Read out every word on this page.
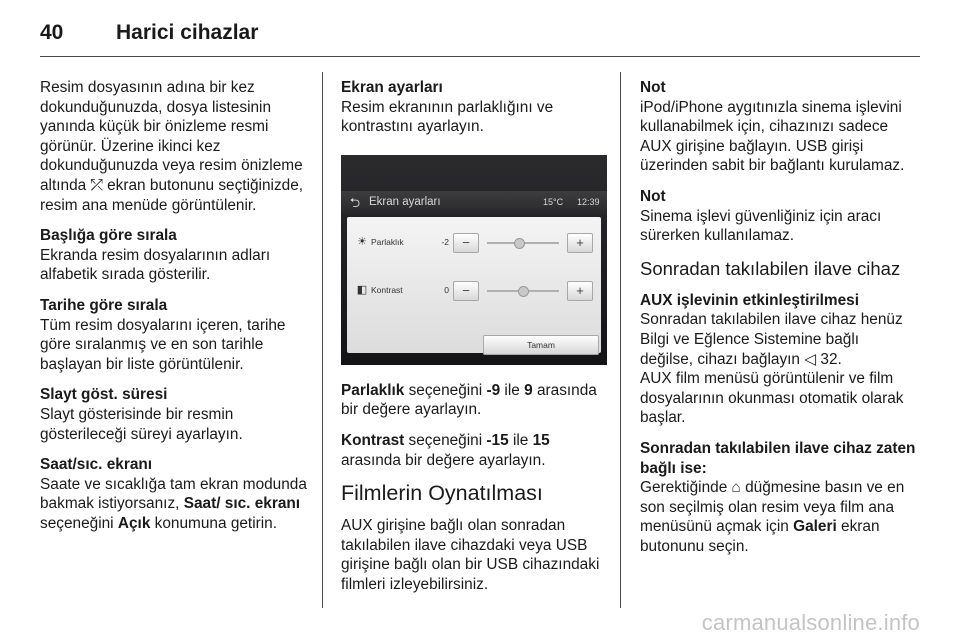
40	Harici cihazlar

Resim dosyasının adına bir kez dokunduğunuzda, dosya listesinin yanında küçük bir önizleme resmi görünür. Üzerine ikinci kez dokunduğunuzda veya resim önizleme altında ⤱ ekran butonunu seçtiğinizde, resim ana menüde görüntülenir.

Başlığa göre sırala
Ekranda resim dosyalarının adları alfabetik sırada gösterilir.

Tarihe göre sırala
Tüm resim dosyalarını içeren, tarihe göre sıralanmış ve en son tarihle başlayan bir liste görüntülenir.

Slayt göst. süresi
Slayt gösterisinde bir resmin gösterileceği süreyi ayarlayın.

Saat/sıc. ekranı
Saate ve sıcaklığa tam ekran modunda bakmak istiyorsanız, Saat/ sıc. ekranı seçeneğini Açık konumuna getirin.

Ekran ayarları
Resim ekranının parlaklığını ve kontrastını ayarlayın.

⮌ Ekran ayarları	15°C	12:39
☀ Parlaklık	-2	−	+
◧ Kontrast	0	−	+
Tamam

Parlaklık seçeneğini -9 ile 9 arasında bir değere ayarlayın.

Kontrast seçeneğini -15 ile 15 arasında bir değere ayarlayın.

Filmlerin Oynatılması

AUX girişine bağlı olan sonradan takılabilen ilave cihazdaki veya USB girişine bağlı olan bir USB cihazındaki filmleri izleyebilirsiniz.

Not
iPod/iPhone aygıtınızla sinema işlevini kullanabilmek için, cihazınızı sadece AUX girişine bağlayın. USB girişi üzerinden sabit bir bağlantı kurulamaz.

Not
Sinema işlevi güvenliğiniz için aracı sürerken kullanılamaz.

Sonradan takılabilen ilave cihaz

AUX işlevinin etkinleştirilmesi
Sonradan takılabilen ilave cihaz henüz Bilgi ve Eğlence Sistemine bağlı değilse, cihazı bağlayın ◁ 32.
AUX film menüsü görüntülenir ve film dosyalarının okunması otomatik olarak başlar.

Sonradan takılabilen ilave cihaz zaten bağlı ise:
Gerektiğinde ⌂ düğmesine basın ve en son seçilmiş olan resim veya film ana menüsünü açmak için Galeri ekran butonunu seçin.

carmanualsonline.info
